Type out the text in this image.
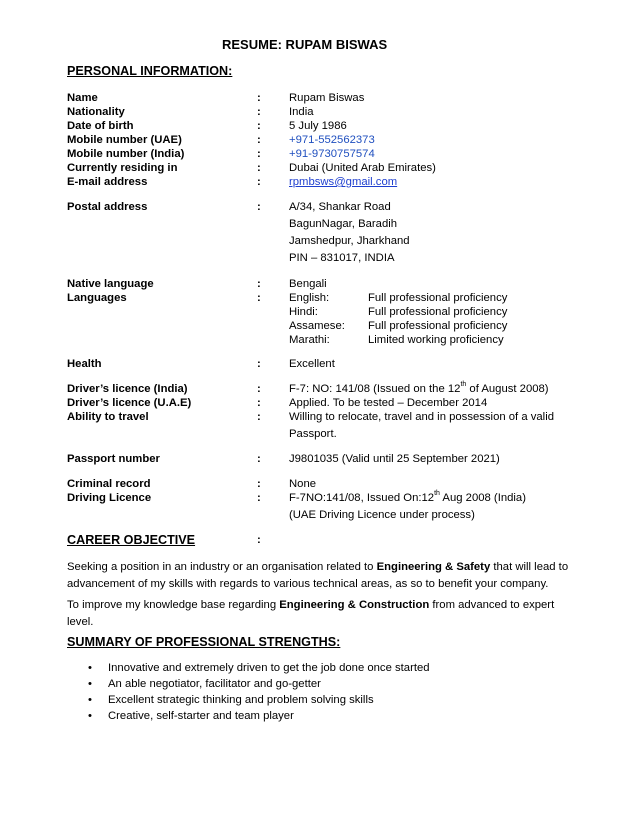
RESUME: RUPAM BISWAS
PERSONAL INFORMATION:
Name	: Rupam Biswas
Nationality	: India
Date of birth	: 5 July 1986
Mobile number (UAE)	: +971-552562373
Mobile number (India)	: +91-9730757574
Currently residing in	: Dubai (United Arab Emirates)
E-mail address	: rpmbsws@gmail.com
Postal address	: A/34, Shankar Road
BagunNagar, Baradih
Jamshedpur, Jharkhand
PIN – 831017, INDIA
Native language	: Bengali
Languages	: English:	Full professional proficiency
Hindi:	Full professional proficiency
Assamese: Full professional proficiency
Marathi:	Limited working proficiency
Health	: Excellent
Driver’s licence (India)	: F-7: NO: 141/08 (Issued on the 12th of August 2008)
Driver’s licence (U.A.E)	: Applied. To be tested – December 2014
Ability to travel	: Willing to relocate, travel and in possession of a valid
Passport.
Passport number	: J9801035 (Valid until 25 September 2021)
Criminal record	: None
Driving Licence	: F-7NO:141/08, Issued On:12th Aug 2008 (India)
(UAE Driving Licence under process)
CAREER OBJECTIVE	:
Seeking a position in an industry or an organisation related to Engineering & Safety that will lead to advancement of my skills with regards to various technical areas, as so to benefit your company.
To improve my knowledge base regarding Engineering & Construction from advanced to expert level.
SUMMARY OF PROFESSIONAL STRENGTHS:
• Innovative and extremely driven to get the job done once started
• An able negotiator, facilitator and go-getter
• Excellent strategic thinking and problem solving skills
• Creative, self-starter and team player
